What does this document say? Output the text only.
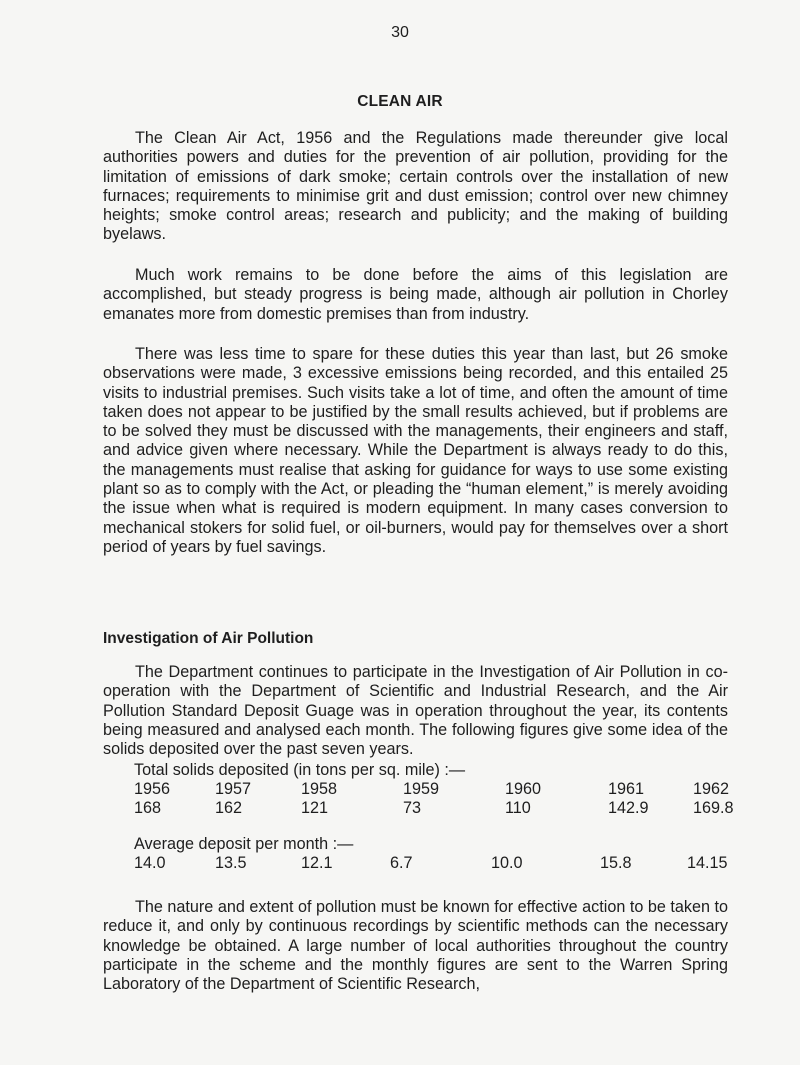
30
CLEAN AIR

The Clean Air Act, 1956 and the Regulations made thereunder give local authorities powers and duties for the prevention of air pollution, providing for the limitation of emissions of dark smoke; certain controls over the installation of new furnaces; requirements to minimise grit and dust emission; control over new chimney heights; smoke control areas; research and publicity; and the making of building byelaws.

Much work remains to be done before the aims of this legislation are accomplished, but steady progress is being made, although air pollution in Chorley emanates more from domestic premises than from industry.

There was less time to spare for these duties this year than last, but 26 smoke observations were made, 3 excessive emissions being recorded, and this entailed 25 visits to industrial premises. Such visits take a lot of time, and often the amount of time taken does not appear to be justified by the small results achieved, but if problems are to be solved they must be discussed with the managements, their engineers and staff, and advice given where necessary. While the Department is always ready to do this, the managements must realise that asking for guidance for ways to use some existing plant so as to comply with the Act, or pleading the “human element,” is merely avoiding the issue when what is required is modern equipment. In many cases conversion to mechanical stokers for solid fuel, or oil-burners, would pay for themselves over a short period of years by fuel savings.

Investigation of Air Pollution

The Department continues to participate in the Investigation of Air Pollution in co-operation with the Department of Scientific and Industrial Research, and the Air Pollution Standard Deposit Guage was in operation throughout the year, its contents being measured and analysed each month. The following figures give some idea of the solids deposited over the past seven years.

Total solids deposited (in tons per sq. mile) :—
1956	1957	1958	1959	1960	1961	1962
168	162	121	73	110	142.9	169.8
Average deposit per month :—
14.0	13.5	12.1	6.7	10.0	15.8	14.15

The nature and extent of pollution must be known for effective action to be taken to reduce it, and only by continuous recordings by scientific methods can the necessary knowledge be obtained. A large number of local authorities throughout the country participate in the scheme and the monthly figures are sent to the Warren Spring Laboratory of the Department of Scientific Research,
